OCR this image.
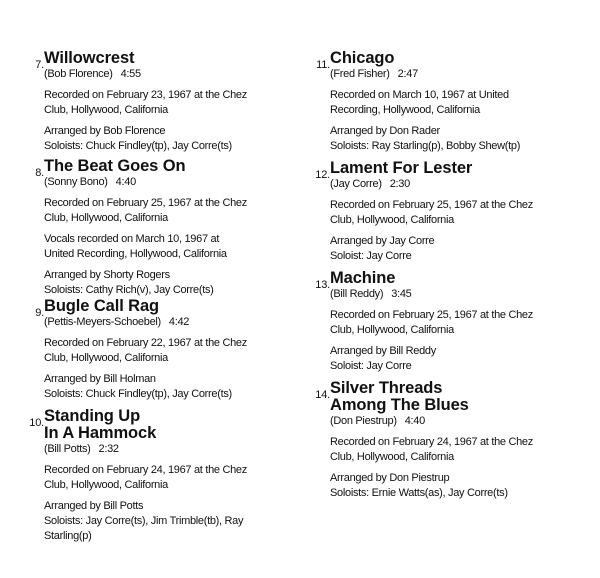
7. Willowcrest

(Bob Florence) 4:55

Recorded on February 23, 1967 at the Chez

Club, Hollywood, California

Arranged by Bob Florence

Soloists: Chuck Findley(tp), Jay Corre(ts)

8. The Beat Goes On

(Sonny Bono) 4:40

Recorded on February 25, 1967 at the Chez

Club, Hollywood, California

Vocals recorded on March 10, 1967 at

United Recording, Hollywood, California

Arranged by Shorty Rogers

Soloists: Cathy Rich(v), Jay Corre(ts)

9. Bugle Call Rag

(Pettis-Meyers-Schoebel) 4:42

Recorded on February 22, 1967 at the Chez

Club, Hollywood, California

Arranged by Bill Holman

Soloists: Chuck Findley(tp), Jay Corre(ts)

10. Standing Up

In A Hammock

(Bill Potts) 2:32

Recorded on February 24, 1967 at the Chez

Club, Hollywood, California

Arranged by Bill Potts

Soloists: Jay Corre(ts), Jim Trimble(tb), Ray

Starling(p)

11. Chicago

(Fred Fisher) 2:47

Recorded on March 10, 1967 at United

Recording, Hollywood, California

Arranged by Don Rader

Soloists: Ray Starling(p), Bobby Shew(tp)

12. Lament For Lester

(Jay Corre) 2:30

Recorded on February 25, 1967 at the Chez

Club, Hollywood, California

Arranged by Jay Corre

Soloist: Jay Corre

13. Machine

(Bill Reddy) 3:45

Recorded on February 25, 1967 at the Chez

Club, Hollywood, California

Arranged by Bill Reddy

Soloist: Jay Corre

14. Silver Threads

Among The Blues

(Don Piestrup) 4:40

Recorded on February 24, 1967 at the Chez

Club, Hollywood, California

Arranged by Don Piestrup

Soloists: Ernie Watts(as), Jay Corre(ts)
